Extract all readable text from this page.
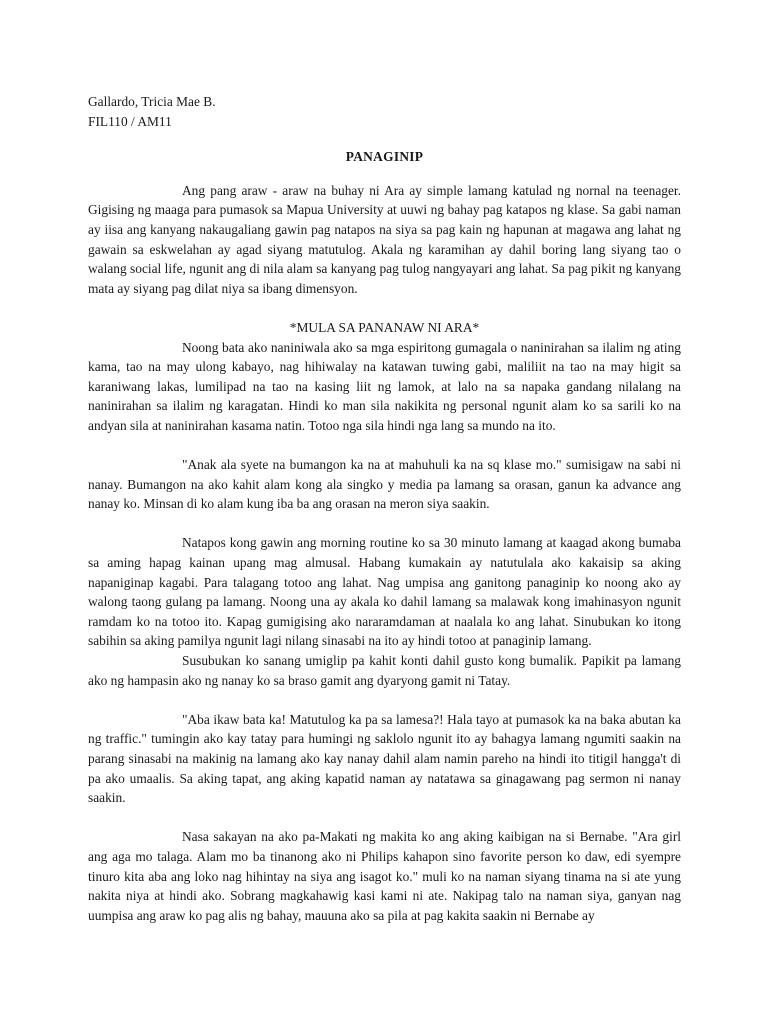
Gallardo, Tricia Mae B.

FIL110 / AM11

PANAGINIP

Ang pang araw - araw na buhay ni Ara ay simple lamang katulad ng nornal na teenager. Gigising ng maaga para pumasok sa Mapua University at uuwi ng bahay pag katapos ng klase. Sa gabi naman ay iisa ang kanyang nakaugaliang gawin pag natapos na siya sa pag kain ng hapunan at magawa ang lahat ng gawain sa eskwelahan ay agad siyang matutulog. Akala ng karamihan ay dahil boring lang siyang tao o walang social life, ngunit ang di nila alam sa kanyang pag tulog nangyayari ang lahat. Sa pag pikit ng kanyang mata ay siyang pag dilat niya sa ibang dimensyon.

*MULA SA PANANAW NI ARA*

Noong bata ako naniniwala ako sa mga espiritong gumagala o naninirahan sa ilalim ng ating kama, tao na may ulong kabayo, nag hihiwalay na katawan tuwing gabi, maliliit na tao na may higit sa karaniwang lakas, lumilipad na tao na kasing liit ng lamok, at lalo na sa napaka gandang nilalang na naninirahan sa ilalim ng karagatan. Hindi ko man sila nakikita ng personal ngunit alam ko sa sarili ko na andyan sila at naninirahan kasama natin. Totoo nga sila hindi nga lang sa mundo na ito.

"Anak ala syete na bumangon ka na at mahuhuli ka na sq klase mo." sumisigaw na sabi ni nanay. Bumangon na ako kahit alam kong ala singko y media pa lamang sa orasan, ganun ka advance ang nanay ko. Minsan di ko alam kung iba ba ang orasan na meron siya saakin.

Natapos kong gawin ang morning routine ko sa 30 minuto lamang at kaagad akong bumaba sa aming hapag kainan upang mag almusal. Habang kumakain ay natutulala ako kakaisip sa aking napaniginap kagabi. Para talagang totoo ang lahat. Nag umpisa ang ganitong panaginip ko noong ako ay walong taong gulang pa lamang. Noong una ay akala ko dahil lamang sa malawak kong imahinasyon ngunit ramdam ko na totoo ito. Kapag gumigising ako nararamdaman at naalala ko ang lahat. Sinubukan ko itong sabihin sa aking pamilya ngunit lagi nilang sinasabi na ito ay hindi totoo at panaginip lamang.

Susubukan ko sanang umiglip pa kahit konti dahil gusto kong bumalik. Papikit pa lamang ako ng hampasin ako ng nanay ko sa braso gamit ang dyaryong gamit ni Tatay.

"Aba ikaw bata ka! Matutulog ka pa sa lamesa?! Hala tayo at pumasok ka na baka abutan ka ng traffic." tumingin ako kay tatay para humingi ng saklolo ngunit ito ay bahagya lamang ngumiti saakin na parang sinasabi na makinig na lamang ako kay nanay dahil alam namin pareho na hindi ito titigil hangga't di pa ako umaalis. Sa aking tapat, ang aking kapatid naman ay natatawa sa ginagawang pag sermon ni nanay saakin.

Nasa sakayan na ako pa-Makati ng makita ko ang aking kaibigan na si Bernabe. "Ara girl ang aga mo talaga. Alam mo ba tinanong ako ni Philips kahapon sino favorite person ko daw, edi syempre tinuro kita aba ang loko nag hihintay na siya ang isagot ko." muli ko na naman siyang tinama na si ate yung nakita niya at hindi ako. Sobrang magkahawig kasi kami ni ate. Nakipag talo na naman siya, ganyan nag uumpisa ang araw ko pag alis ng bahay, mauuna ako sa pila at pag kakita saakin ni Bernabe ay
